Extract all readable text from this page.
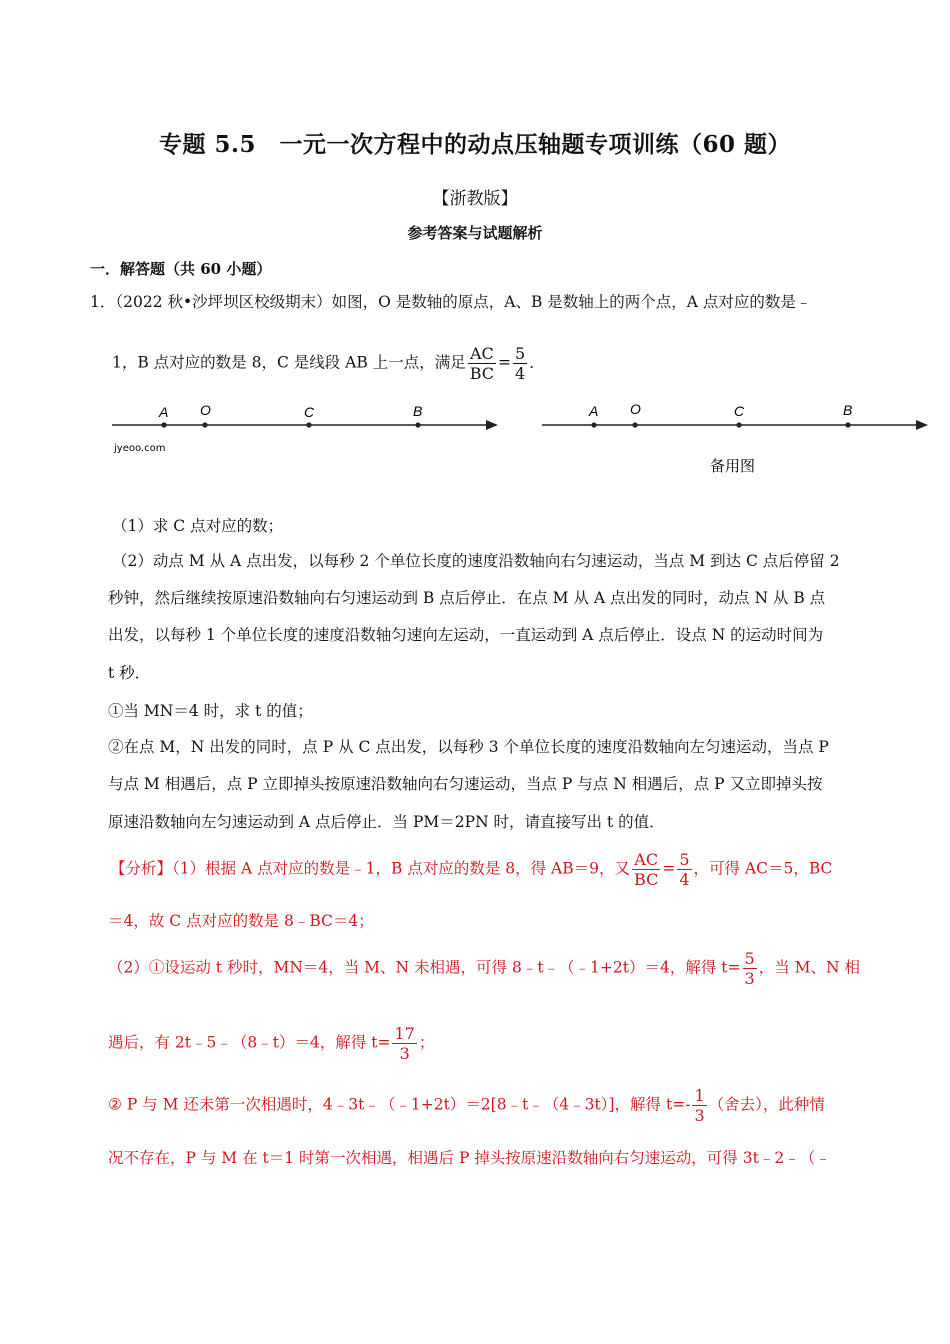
专题 5.5　一元一次方程中的动点压轴题专项训练（60 题）
【浙教版】
参考答案与试题解析
一．解答题（共 60 小题）
1．（2022 秋•沙坪坝区校级期末）如图，O 是数轴的原点，A、B 是数轴上的两个点，A 点对应的数是﹣
1，B 点对应的数是 8，C 是线段 AB 上一点，满足 $\frac{AC}{BC} = \frac{5}{4}$ ．
A O	C	B
jyeoo.com
A O	C	B
备用图
（1）求 C 点对应的数；
（2）动点 M 从 A 点出发，以每秒 2 个单位长度的速度沿数轴向右匀速运动，当点 M 到达 C 点后停留 2
秒钟，然后继续按原速沿数轴向右匀速运动到 B 点后停止．在点 M 从 A 点出发的同时，动点 N 从 B 点
出发，以每秒 1 个单位长度的速度沿数轴匀速向左运动，一直运动到 A 点后停止．设点 N 的运动时间为
t 秒．
①当 MN＝4 时，求 t 的值；
②在点 M，N 出发的同时，点 P 从 C 点出发，以每秒 3 个单位长度的速度沿数轴向左匀速运动，当点 P
与点 M 相遇后，点 P 立即掉头按原速沿数轴向右匀速运动，当点 P 与点 N 相遇后，点 P 又立即掉头按
原速沿数轴向左匀速运动到 A 点后停止．当 PM＝2PN 时，请直接写出 t 的值．
【分析】（1）根据 A 点对应的数是﹣1，B 点对应的数是 8，得 AB＝9，又 $\frac{AC}{BC} = \frac{5}{4}$ ，可得 AC＝5，BC
＝4，故 C 点对应的数是 8﹣BC＝4；
（2）①设运动 t 秒时，MN＝4，当 M、N 未相遇，可得 8﹣t﹣（﹣1+2t）＝4，解得 $t= \frac{5}{3}$ ，当 M、N 相
遇后，有 2t﹣5﹣（8﹣t）＝4，解得 $t= \frac{17}{3}$ ；
② P 与 M 还未第一次相遇时，4﹣3t﹣（﹣1+2t）＝2[8﹣t﹣（4﹣3t）]，解得 $t=- \frac{1}{3}$ （舍去），此种情
况不存在，P 与 M 在 t＝1 时第一次相遇，相遇后 P 掉头按原速沿数轴向右匀速运动，可得 3t﹣2﹣（﹣
